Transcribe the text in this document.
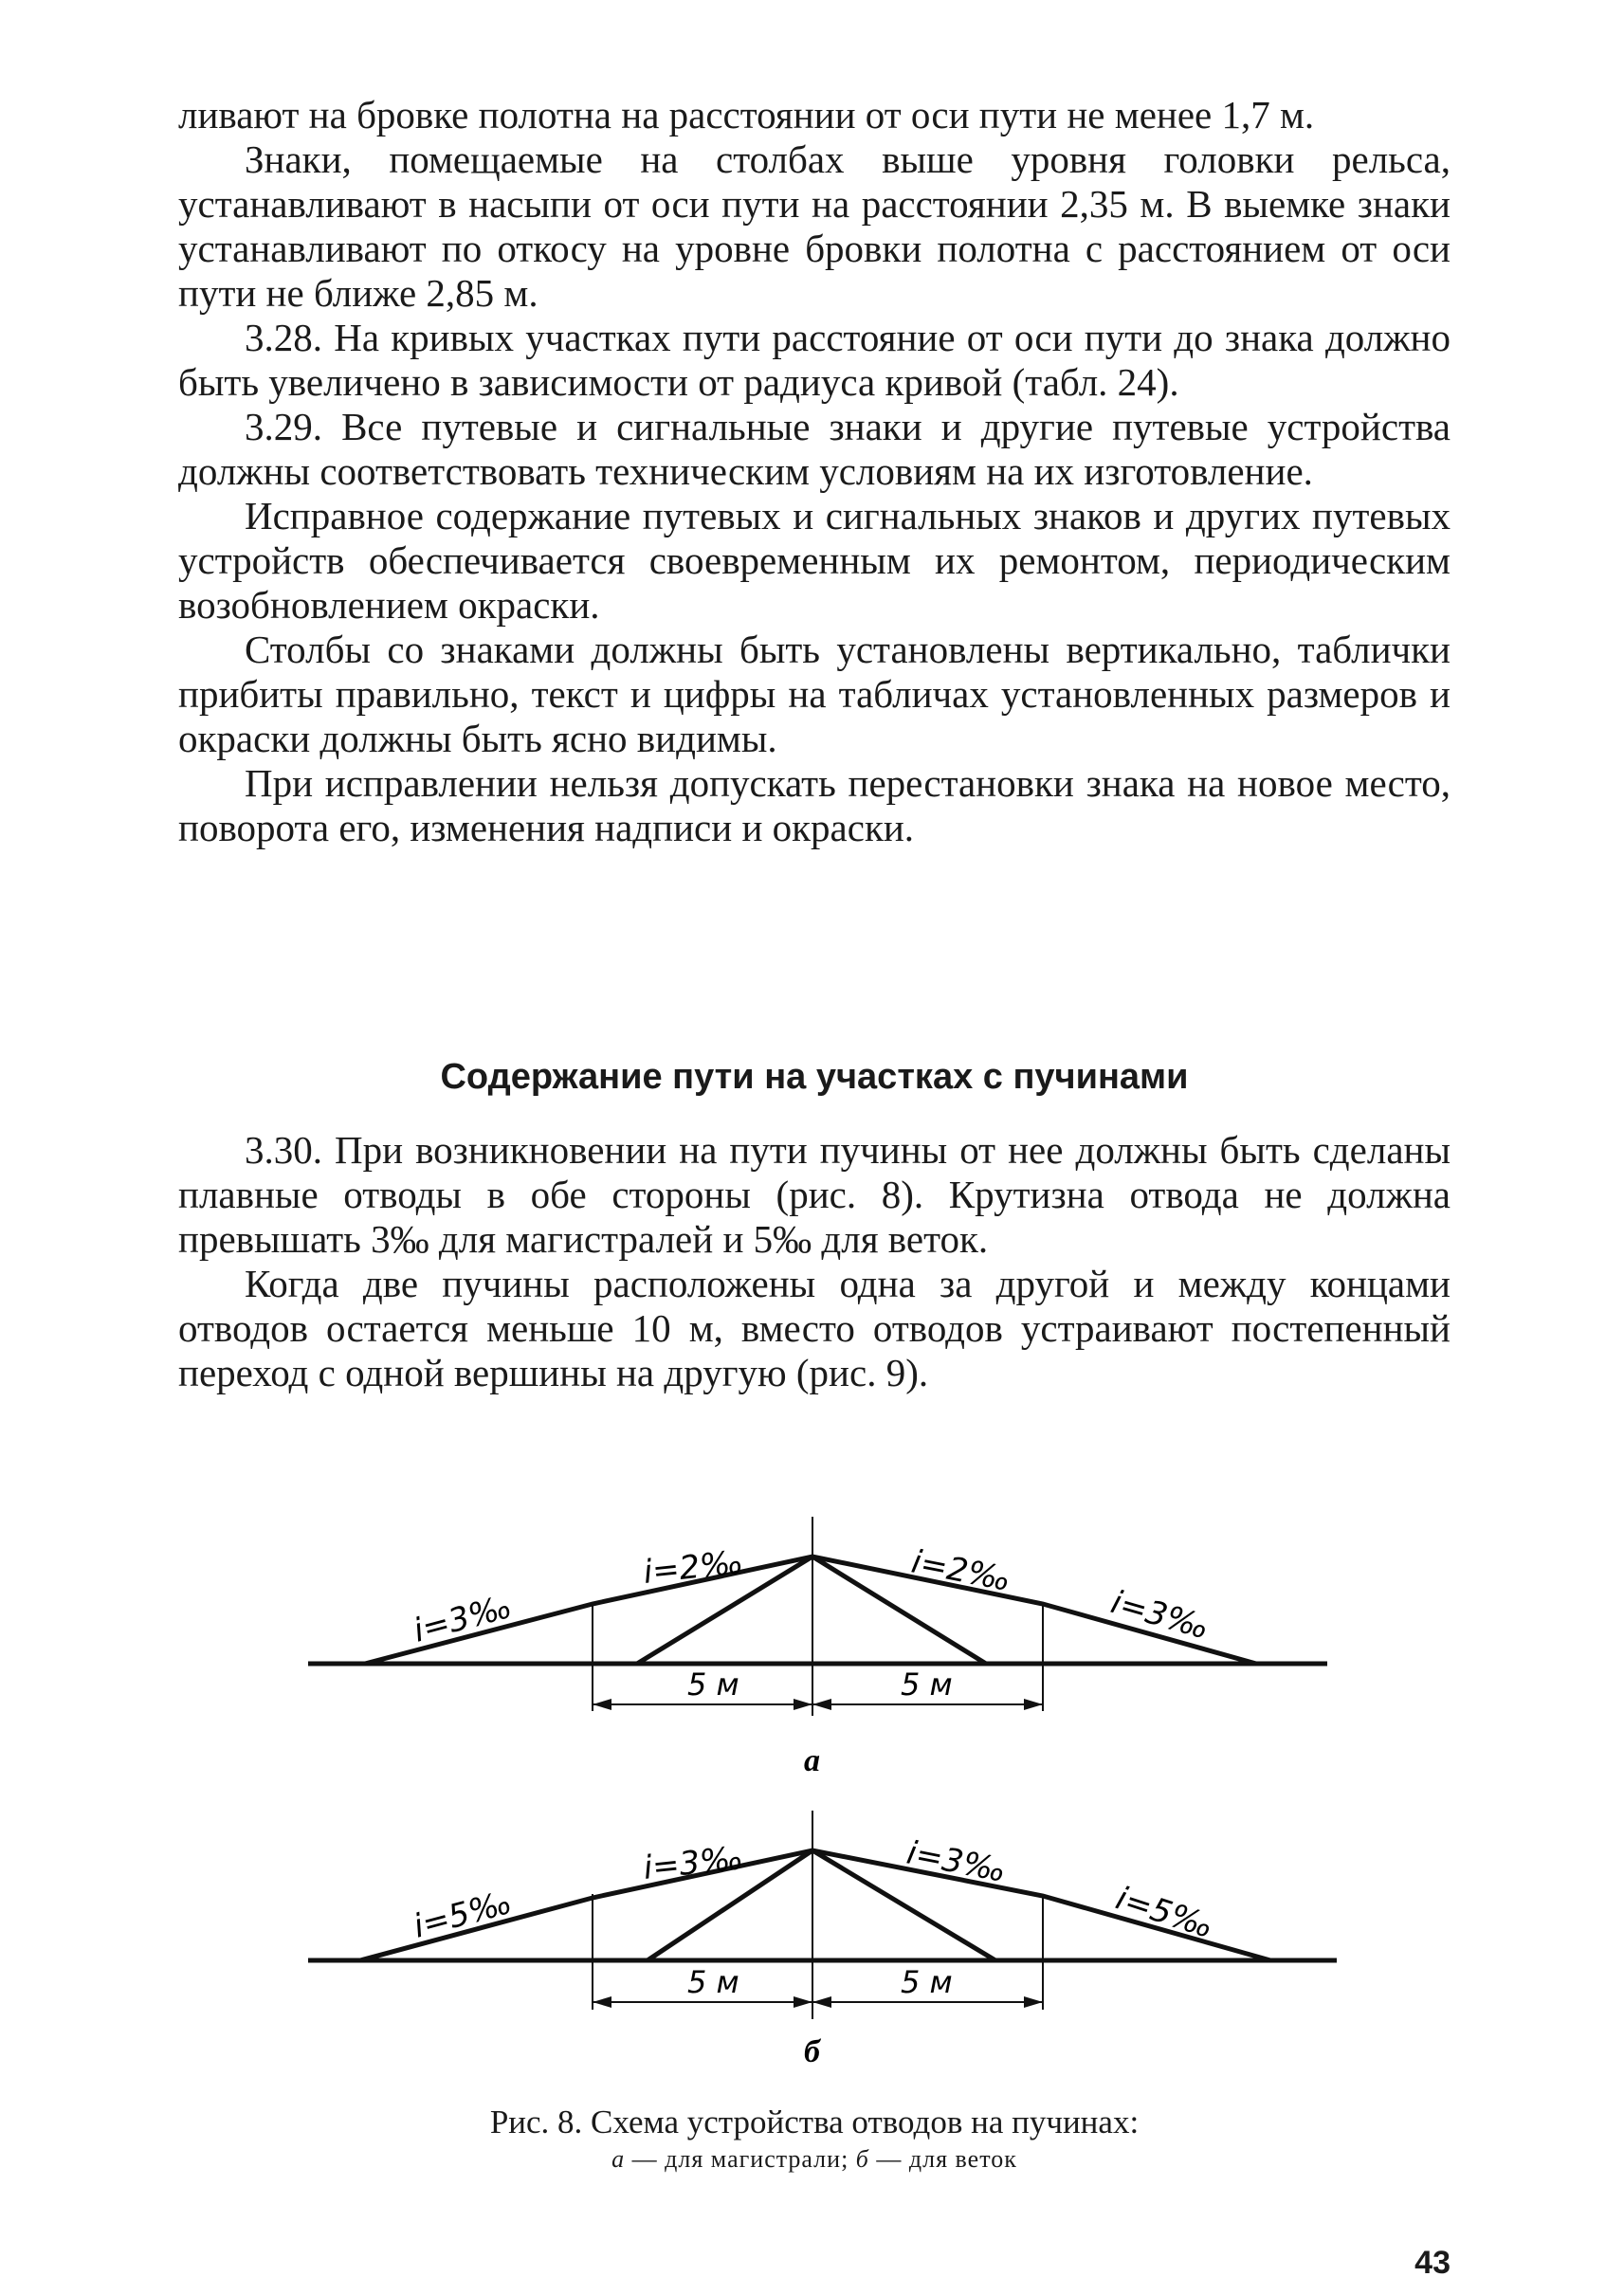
ливают на бровке полотна на расстоянии от оси пути не менее 1,7 м.

Знаки, помещаемые на столбах выше уровня головки рельса, устанавливают в насыпи от оси пути на расстоянии 2,35 м. В выемке знаки устанавливают по откосу на уровне бровки полотна с расстоянием от оси пути не ближе 2,85 м.

3.28. На кривых участках пути расстояние от оси пути до знака должно быть увеличено в зависимости от радиуса кривой (табл. 24).

3.29. Все путевые и сигнальные знаки и другие путевые устройства должны соответствовать техническим условиям на их изготовление.

Исправное содержание путевых и сигнальных знаков и других путевых устройств обеспечивается своевременным их ремонтом, периодическим возобновлением окраски.

Столбы со знаками должны быть установлены вертикально, таблички прибиты правильно, текст и цифры на табличах установленных размеров и окраски должны быть ясно видимы.

При исправлении нельзя допускать перестановки знака на новое место, поворота его, изменения надписи и окраски.

Содержание пути на участках с пучинами

3.30. При возникновении на пути пучины от нее должны быть сделаны плавные отводы в обе стороны (рис. 8). Крутизна отвода не должна превышать 3‰ для магистралей и 5‰ для веток.

Когда две пучины расположены одна за другой и между концами отводов остается меньше 10 м, вместо отводов устраивают постепенный переход с одной вершины на другую (рис. 9).

i=3‰
i=2‰	i=2‰
i=3‰
5 м	5 м
а
i=5‰
i=3‰	i=3‰
i=5‰
5 м	5 м
б
Рис. 8. Схема устройства отводов на пучинах:
а — для магистрали; б — для веток
43
